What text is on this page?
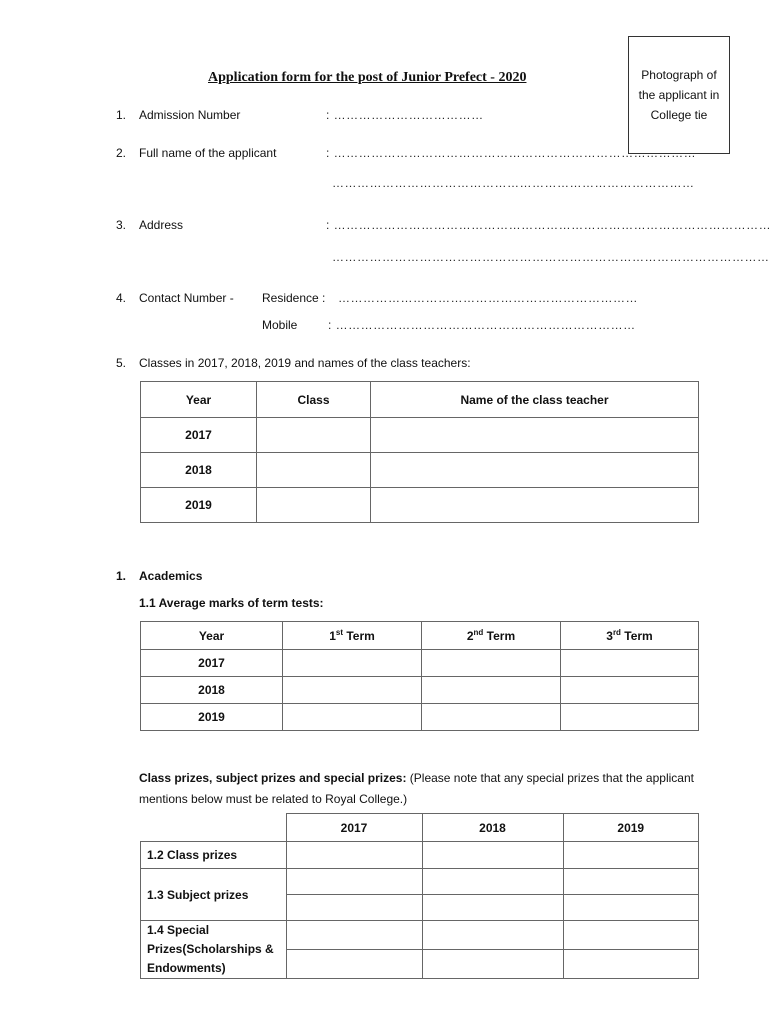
Photograph of
the applicant in
College tie
Application form for the post of Junior Prefect - 2020
1. Admission Number	: ………………………………
2. Full name of the applicant	: ……………………………………………………………………………
……………………………………………………………………………
3. Address	: ……………………………………………………………………………………………
……………………………………………………………………………………………
4. Contact Number - Residence : ………………………………………………………………
Mobile	: ………………………………………………………………
5. Classes in 2017, 2018, 2019 and names of the class teachers:
Year	Class	Name of the class teacher
2017		
2018		
2019		
1. Academics
1.1 Average marks of term tests:
Year	1st Term	2nd Term	3rd Term
2017			
2018			
2019			
Class prizes, subject prizes and special prizes: (Please note that any special prizes that the applicant mentions below must be related to Royal College.)
	2017	2018	2019
1.2 Class prizes			
1.3 Subject prizes			

1.4 Special
Prizes(Scholarships &
Endowments)			
